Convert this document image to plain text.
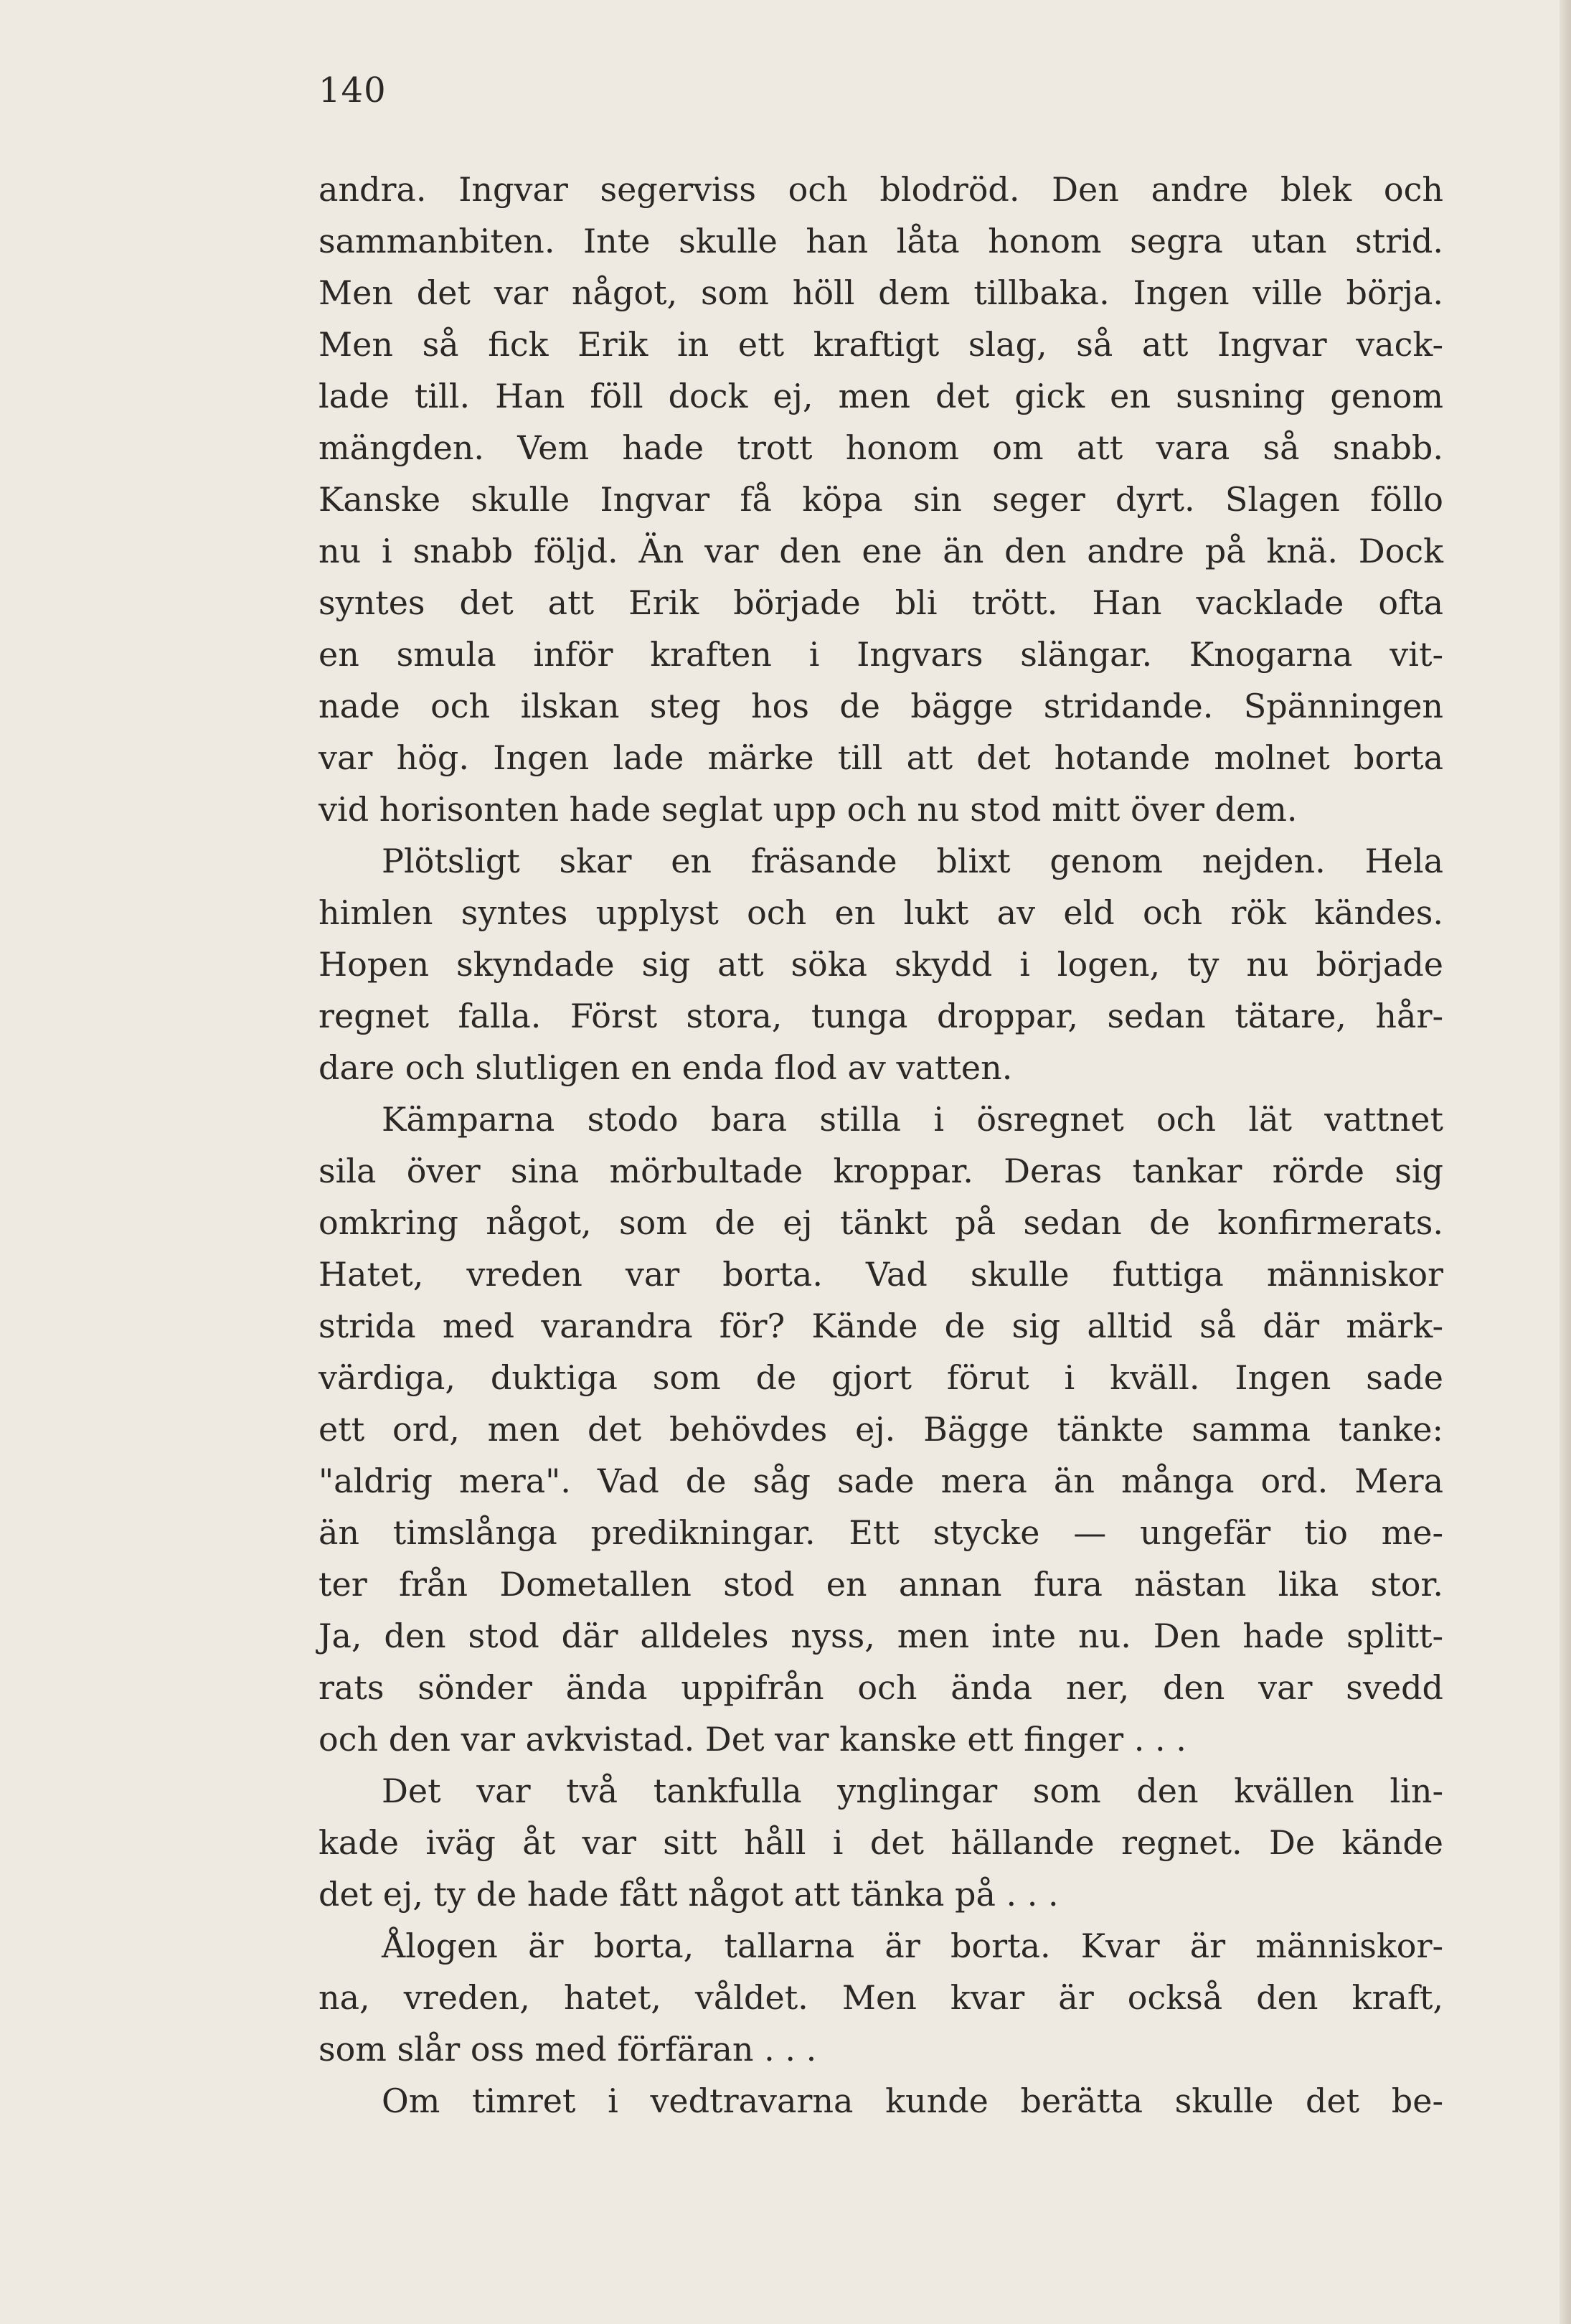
140
andra. Ingvar segerviss och blodröd. Den andre blek och
sammanbiten. Inte skulle han låta honom segra utan strid.
Men det var något, som höll dem tillbaka. Ingen ville börja.
Men så fick Erik in ett kraftigt slag, så att Ingvar vack-
lade till. Han föll dock ej, men det gick en susning genom
mängden. Vem hade trott honom om att vara så snabb.
Kanske skulle Ingvar få köpa sin seger dyrt. Slagen föllo
nu i snabb följd. Än var den ene än den andre på knä. Dock
syntes det att Erik började bli trött. Han vacklade ofta
en smula inför kraften i Ingvars slängar. Knogarna vit-
nade och ilskan steg hos de bägge stridande. Spänningen
var hög. Ingen lade märke till att det hotande molnet borta
vid horisonten hade seglat upp och nu stod mitt över dem.
Plötsligt skar en fräsande blixt genom nejden. Hela
himlen syntes upplyst och en lukt av eld och rök kändes.
Hopen skyndade sig att söka skydd i logen, ty nu började
regnet falla. Först stora, tunga droppar, sedan tätare, hår-
dare och slutligen en enda flod av vatten.
Kämparna stodo bara stilla i ösregnet och lät vattnet
sila över sina mörbultade kroppar. Deras tankar rörde sig
omkring något, som de ej tänkt på sedan de konfirmerats.
Hatet, vreden var borta. Vad skulle futtiga människor
strida med varandra för? Kände de sig alltid så där märk-
värdiga, duktiga som de gjort förut i kväll. Ingen sade
ett ord, men det behövdes ej. Bägge tänkte samma tanke:
"aldrig mera". Vad de såg sade mera än många ord. Mera
än timslånga predikningar. Ett stycke — ungefär tio me-
ter från Dometallen stod en annan fura nästan lika stor.
Ja, den stod där alldeles nyss, men inte nu. Den hade splitt-
rats sönder ända uppifrån och ända ner, den var svedd
och den var avkvistad. Det var kanske ett finger . . .
Det var två tankfulla ynglingar som den kvällen lin-
kade iväg åt var sitt håll i det hällande regnet. De kände
det ej, ty de hade fått något att tänka på . . .
Ålogen är borta, tallarna är borta. Kvar är människor-
na, vreden, hatet, våldet. Men kvar är också den kraft,
som slår oss med förfäran . . .
Om timret i vedtravarna kunde berätta skulle det be-
